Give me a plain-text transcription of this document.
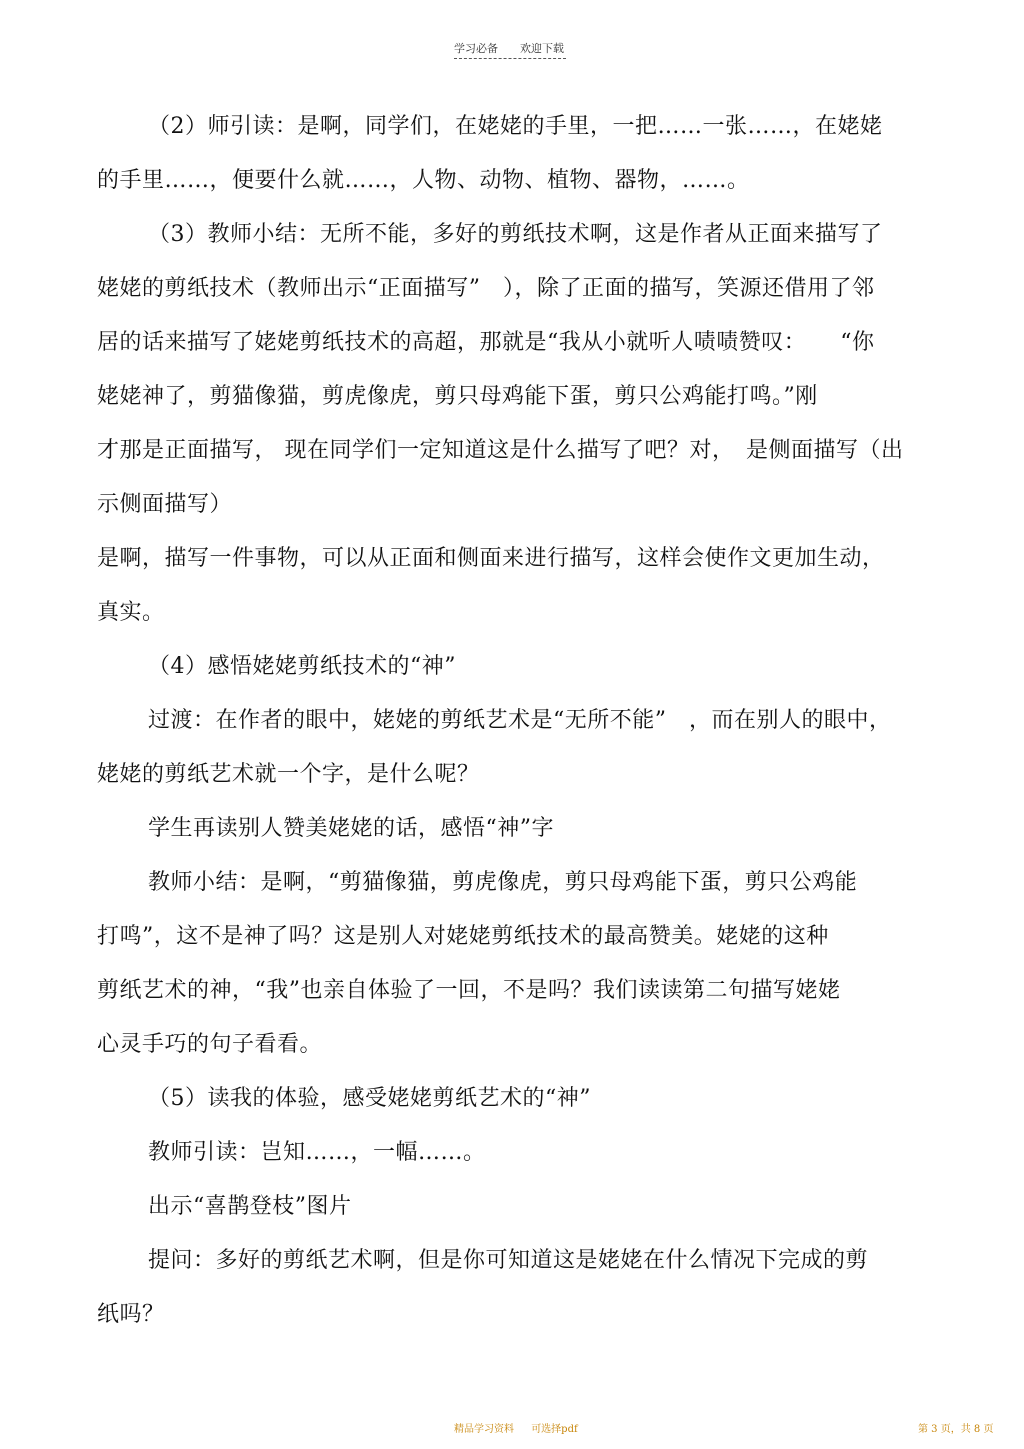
学习必备 欢迎下载
（2）师引读：是啊，同学们，在姥姥的手里，一把……一张……，在姥姥
的手里……，便要什么就……，人物、动物、植物、器物，……。
（3）教师小结：无所不能，多好的剪纸技术啊，这是作者从正面来描写了
姥姥的剪纸技术（教师出示“正面描写”　），除了正面的描写，笑源还借用了邻
居的话来描写了姥姥剪纸技术的高超，那就是“我从小就听人啧啧赞叹：　　“你
姥姥神了，剪猫像猫，剪虎像虎，剪只母鸡能下蛋，剪只公鸡能打鸣。”刚
才那是正面描写， 现在同学们一定知道这是什么描写了吧？对，　是侧面描写（出
示侧面描写）
是啊，描写一件事物，可以从正面和侧面来进行描写，这样会使作文更加生动，
真实。
（4）感悟姥姥剪纸技术的“神”
过渡：在作者的眼中，姥姥的剪纸艺术是“无所不能”　，而在别人的眼中，
姥姥的剪纸艺术就一个字，是什么呢？
学生再读别人赞美姥姥的话，感悟“神”字
教师小结：是啊，“剪猫像猫，剪虎像虎，剪只母鸡能下蛋，剪只公鸡能
打鸣”，这不是神了吗？这是别人对姥姥剪纸技术的最高赞美。姥姥的这种
剪纸艺术的神，“我”也亲自体验了一回，不是吗？我们读读第二句描写姥姥
心灵手巧的句子看看。
（5）读我的体验，感受姥姥剪纸艺术的“神”
教师引读：岂知……，一幅……。
出示“喜鹊登枝”图片
提问：多好的剪纸艺术啊，但是你可知道这是姥姥在什么情况下完成的剪
纸吗？
精品学习资料 可选择pdf	第 3 页，共 8 页
